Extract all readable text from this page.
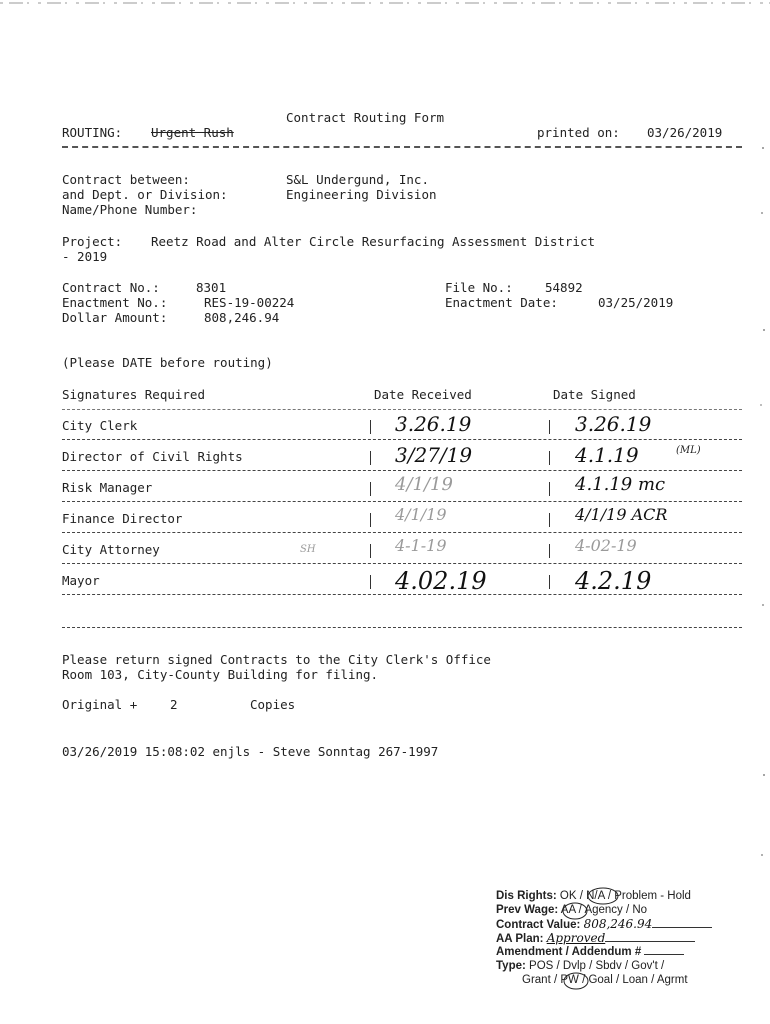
Contract Routing Form
ROUTING: Urgent Rush	printed on: 03/26/2019
Contract between:	S&L Undergund, Inc.
and Dept. or Division:	Engineering Division
Name/Phone Number:
Project: Reetz Road and Alter Circle Resurfacing Assessment District
- 2019
Contract No.:	8301	File No.:	54892
Enactment No.:	RES-19-00224	Enactment Date:	03/25/2019
Dollar Amount:	808,246.94
(Please DATE before routing)
Signatures Required	Date Received	Date Signed
City Clerk	3.26.19	3.26.19
Director of Civil Rights	3/27/19	4.1.19	(ML)
Risk Manager	4/1/19	4.1.19 mc
Finance Director	4/1/19	4/1/19 ACR
City Attorney	4-1-19	4-02-19
SH
Mayor	4.02.19	4.2.19
Please return signed Contracts to the City Clerk's Office
Room 103, City-County Building for filing.
Original +	2	Copies
03/26/2019 15:08:02 enjls - Steve Sonntag 267-1997
Dis Rights: OK / N/A / Problem - Hold
Prev Wage: AA / Agency / No
Contract Value: 808,246.94
AA Plan: Approved
Amendment / Addendum #
Type: POS / Dvlp / Sbdv / Gov't /
Grant / PW / Goal / Loan / Agrmt
